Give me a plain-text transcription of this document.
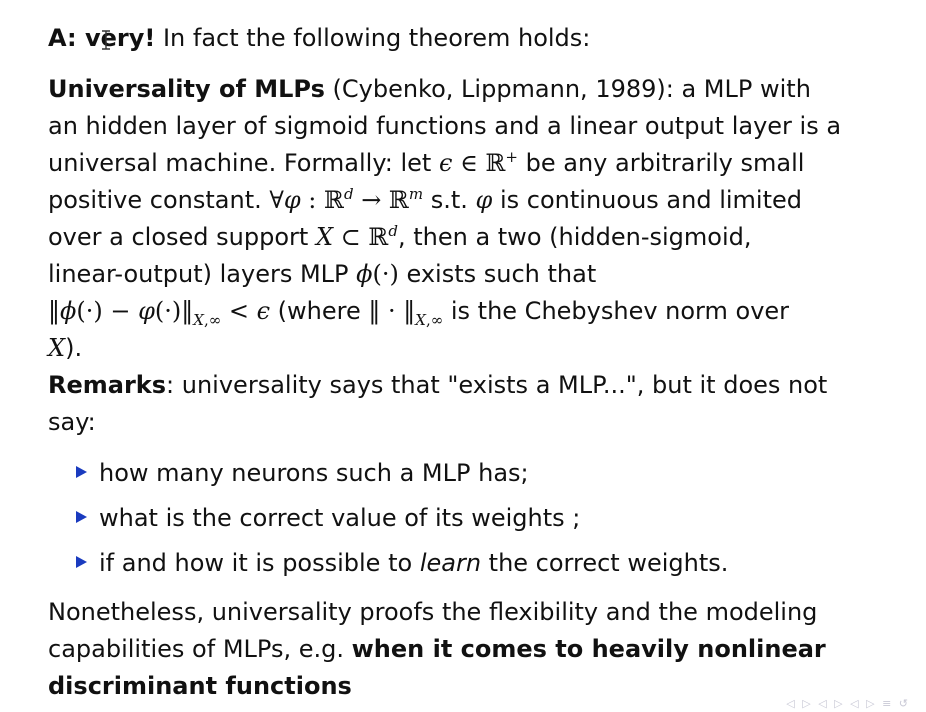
A: very! In fact the following theorem holds:
Universality of MLPs (Cybenko, Lippmann, 1989): a MLP with
an hidden layer of sigmoid functions and a linear output layer is a
universal machine. Formally: let ϵ ∈ ℝ+ be any arbitrarily small
positive constant. ∀φ : ℝ$^d$ → ℝ$^m$ s.t. φ is continuous and limited
over a closed support X ⊂ ℝ$^d$, then a two (hidden-sigmoid,
linear-output) layers MLP ϕ(·) exists such that
‖ϕ(·) − $\varphi(\cdot)‖_{X,\infty} < \epsilon$ (where ‖ · $‖_{X,\infty}$ is the Chebyshev norm over
X).
Remarks: universality says that "exists a MLP...", but it does not
say:
how many neurons such a MLP has;
what is the correct value of its weights ;
if and how it is possible to learn the correct weights.
Nonetheless, universality proofs the flexibility and the modeling
capabilities of MLPs, e.g. when it comes to heavily nonlinear
discriminant functions
◁ ▷ ◁ ▷ ◁ ▷ ≡ ↺
